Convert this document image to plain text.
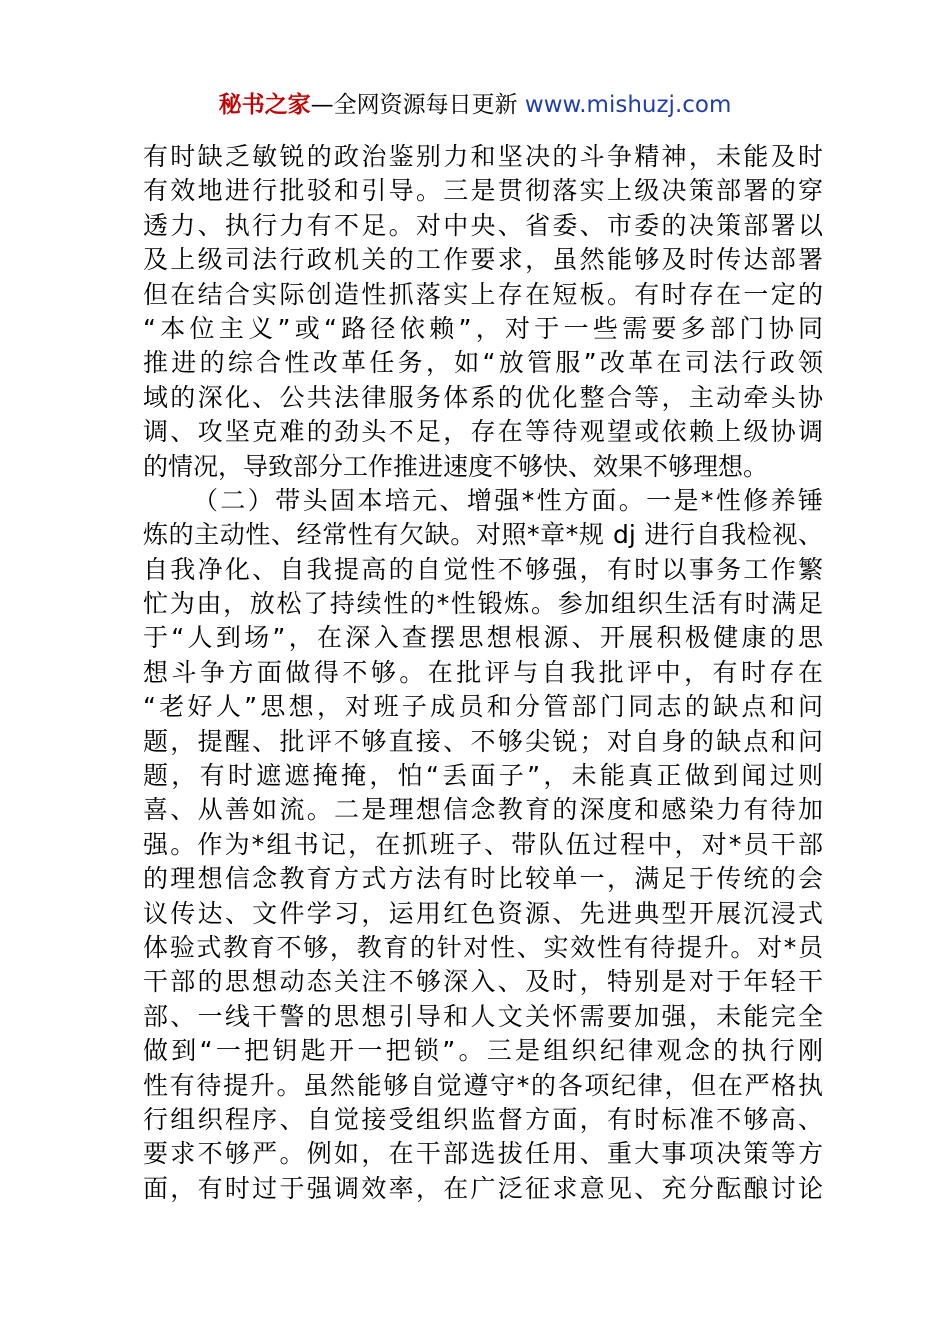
秘书之家—全网资源每日更新 www.mishuzj.com
有时缺乏敏锐的政治鉴别力和坚决的斗争精神，未能及时
有效地进行批驳和引导。三是贯彻落实上级决策部署的穿
透力、执行力有不足。对中央、省委、市委的决策部署以
及上级司法行政机关的工作要求，虽然能够及时传达部署
但在结合实际创造性抓落实上存在短板。有时存在一定的
“本位主义”或“路径依赖”，对于一些需要多部门协同
推进的综合性改革任务，如“放管服”改革在司法行政领
域的深化、公共法律服务体系的优化整合等，主动牵头协
调、攻坚克难的劲头不足，存在等待观望或依赖上级协调
的情况，导致部分工作推进速度不够快、效果不够理想。
（二）带头固本培元、增强*性方面。一是*性修养锤
炼的主动性、经常性有欠缺。对照*章*规 dj 进行自我检视、
自我净化、自我提高的自觉性不够强，有时以事务工作繁
忙为由，放松了持续性的*性锻炼。参加组织生活有时满足
于“人到场”，在深入查摆思想根源、开展积极健康的思
想斗争方面做得不够。在批评与自我批评中，有时存在
“老好人”思想，对班子成员和分管部门同志的缺点和问
题，提醒、批评不够直接、不够尖锐；对自身的缺点和问
题，有时遮遮掩掩，怕“丢面子”，未能真正做到闻过则
喜、从善如流。二是理想信念教育的深度和感染力有待加
强。作为*组书记，在抓班子、带队伍过程中，对*员干部
的理想信念教育方式方法有时比较单一，满足于传统的会
议传达、文件学习，运用红色资源、先进典型开展沉浸式
体验式教育不够，教育的针对性、实效性有待提升。对*员
干部的思想动态关注不够深入、及时，特别是对于年轻干
部、一线干警的思想引导和人文关怀需要加强，未能完全
做到“一把钥匙开一把锁”。三是组织纪律观念的执行刚
性有待提升。虽然能够自觉遵守*的各项纪律，但在严格执
行组织程序、自觉接受组织监督方面，有时标准不够高、
要求不够严。例如，在干部选拔任用、重大事项决策等方
面，有时过于强调效率，在广泛征求意见、充分酝酿讨论
